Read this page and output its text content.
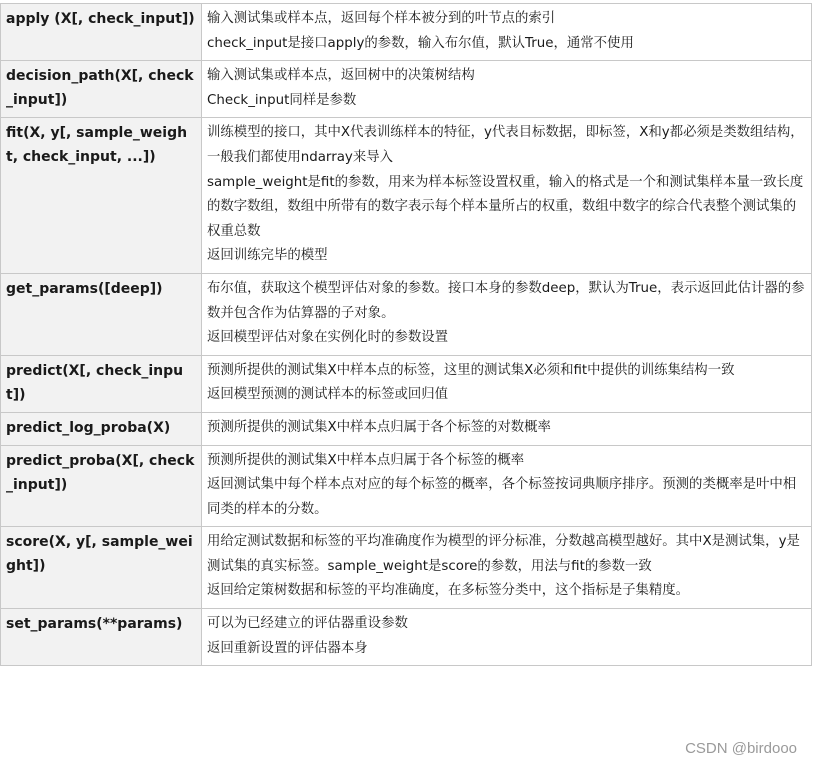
apply (X[, check_input])	输入测试集或样本点，返回每个样本被分到的叶节点的索引
check_input是接口apply的参数，输入布尔值，默认True，通常不使用

decision_path(X[, check_input])	输入测试集或样本点，返回树中的决策树结构
Check_input同样是参数

fit(X, y[, sample_weight, check_input, ...])	训练模型的接口，其中X代表训练样本的特征，y代表目标数据，即标签，X和y都必须是类数组结构，一般我们都使用ndarray来导入
sample_weight是fit的参数，用来为样本标签设置权重，输入的格式是一个和测试集样本量一致长度的数字数组，数组中所带有的数字表示每个样本量所占的权重，数组中数字的综合代表整个测试集的权重总数
返回训练完毕的模型

get_params([deep])	布尔值，获取这个模型评估对象的参数。接口本身的参数deep，默认为True，表示返回此估计器的参数并包含作为估算器的子对象。
返回模型评估对象在实例化时的参数设置

predict(X[, check_input])	预测所提供的测试集X中样本点的标签，这里的测试集X必须和fit中提供的训练集结构一致
返回模型预测的测试样本的标签或回归值

predict_log_proba(X)	预测所提供的测试集X中样本点归属于各个标签的对数概率

predict_proba(X[, check_input])	预测所提供的测试集X中样本点归属于各个标签的概率
返回测试集中每个样本点对应的每个标签的概率，各个标签按词典顺序排序。预测的类概率是叶中相同类的样本的分数。

score(X, y[, sample_weight])	用给定测试数据和标签的平均准确度作为模型的评分标准，分数越高模型越好。其中X是测试集，y是测试集的真实标签。sample_weight是score的参数，用法与fit的参数一致
返回给定策树数据和标签的平均准确度，在多标签分类中，这个指标是子集精度。

set_params(**params)	可以为已经建立的评估器重设参数
返回重新设置的评估器本身
CSDN @birdooo
